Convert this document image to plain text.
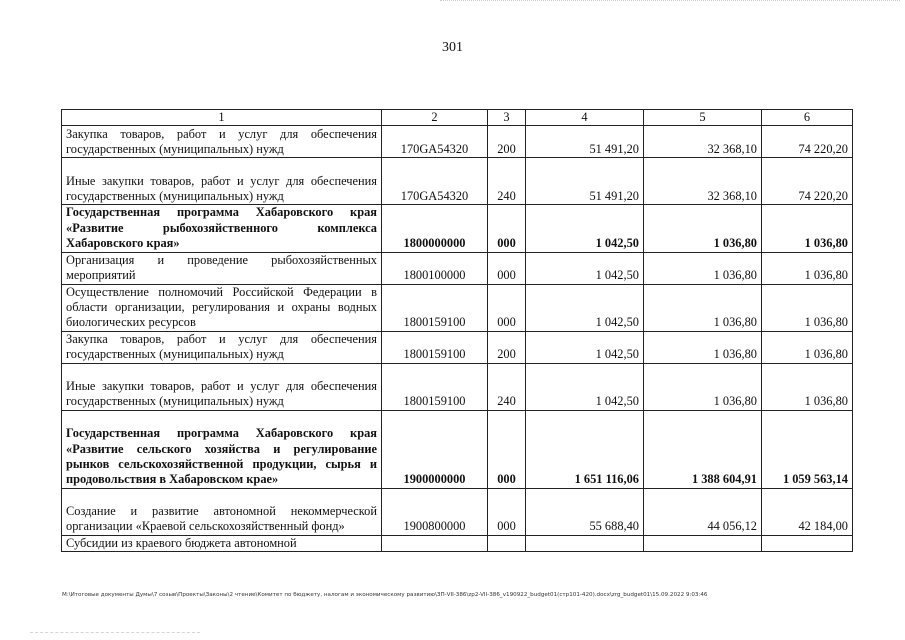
301
1	2	3	4	5	6
Закупка товаров, работ и услуг для обеспечения государственных (муниципальных) нужд	170GA54320	200	51 491,20	32 368,10	74 220,20
Иные закупки товаров, работ и услуг для обеспечения государственных (муниципальных) нужд	170GA54320	240	51 491,20	32 368,10	74 220,20
Государственная программа Хабаровского края «Развитие рыбохозяйственного комплекса Хабаровского края»	1800000000	000	1 042,50	1 036,80	1 036,80
Организация и проведение рыбохозяйственных мероприятий	1800100000	000	1 042,50	1 036,80	1 036,80
Осуществление полномочий Российской Федерации в области организации, регулирования и охраны водных биологических ресурсов	1800159100	000	1 042,50	1 036,80	1 036,80
Закупка товаров, работ и услуг для обеспечения государственных (муниципальных) нужд	1800159100	200	1 042,50	1 036,80	1 036,80
Иные закупки товаров, работ и услуг для обеспечения государственных (муниципальных) нужд	1800159100	240	1 042,50	1 036,80	1 036,80
Государственная программа Хабаровского края «Развитие сельского хозяйства и регулирование рынков сельскохозяйственной продукции, сырья и продовольствия в Хабаровском крае»	1900000000	000	1 651 116,06	1 388 604,91	1 059 563,14
Создание и развитие автономной некоммерческой организации «Краевой сельскохозяйственный фонд»	1900800000	000	55 688,40	44 056,12	42 184,00
Субсидии из краевого бюджета автономной					
M:\Итоговые документы Думы\7 созыв\Проекты\Законы\2 чтение\Комитет по бюджету, налогам и экономическому развитию\ЗП-VII-386\zp2-VII-386_v190922_budget01(стр101-420).docx\zrg_budget01\15.09.2022 9:03:46
